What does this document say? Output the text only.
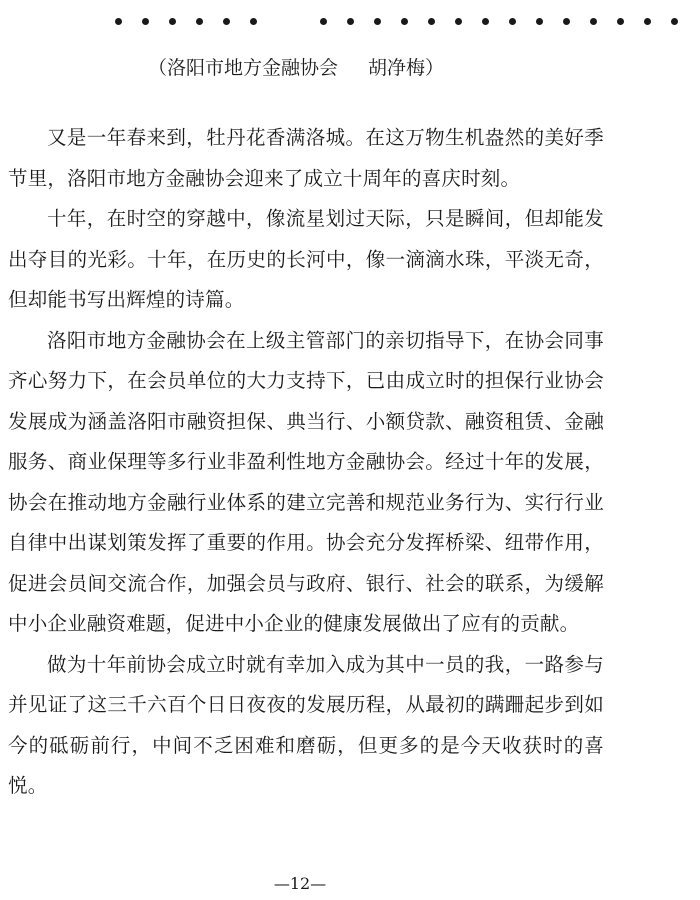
（洛阳市地方金融协会 胡净梅）

又是一年春来到，牡丹花香满洛城。在这万物生机盎然的美好季节里，洛阳市地方金融协会迎来了成立十周年的喜庆时刻。

十年，在时空的穿越中，像流星划过天际，只是瞬间，但却能发出夺目的光彩。十年，在历史的长河中，像一滴滴水珠，平淡无奇，但却能书写出辉煌的诗篇。

洛阳市地方金融协会在上级主管部门的亲切指导下，在协会同事齐心努力下，在会员单位的大力支持下，已由成立时的担保行业协会发展成为涵盖洛阳市融资担保、典当行、小额贷款、融资租赁、金融服务、商业保理等多行业非盈利性地方金融协会。经过十年的发展，协会在推动地方金融行业体系的建立完善和规范业务行为、实行行业自律中出谋划策发挥了重要的作用。协会充分发挥桥梁、纽带作用，促进会员间交流合作，加强会员与政府、银行、社会的联系，为缓解中小企业融资难题，促进中小企业的健康发展做出了应有的贡献。

做为十年前协会成立时就有幸加入成为其中一员的我，一路参与并见证了这三千六百个日日夜夜的发展历程，从最初的蹒跚起步到如今的砥砺前行，中间不乏困难和磨砺，但更多的是今天收获时的喜悦。

—12—
